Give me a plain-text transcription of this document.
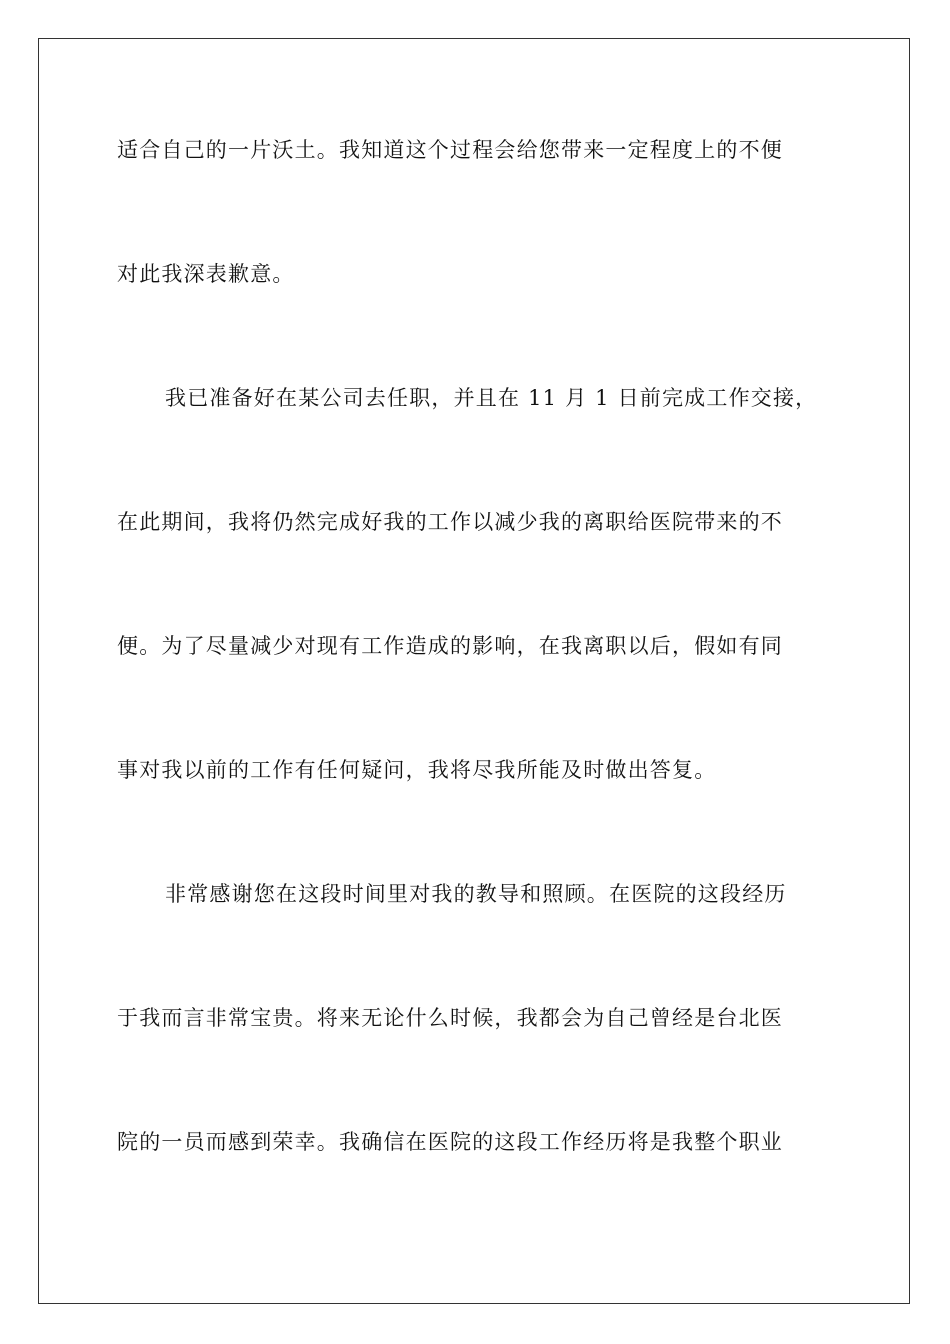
适合自己的一片沃土。我知道这个过程会给您带来一定程度上的不便
对此我深表歉意。
我已准备好在某公司去任职，并且在 11 月 1 日前完成工作交接，
在此期间，我将仍然完成好我的工作以减少我的离职给医院带来的不
便。为了尽量减少对现有工作造成的影响，在我离职以后，假如有同
事对我以前的工作有任何疑问，我将尽我所能及时做出答复。
非常感谢您在这段时间里对我的教导和照顾。在医院的这段经历
于我而言非常宝贵。将来无论什么时候，我都会为自己曾经是台北医
院的一员而感到荣幸。我确信在医院的这段工作经历将是我整个职业
